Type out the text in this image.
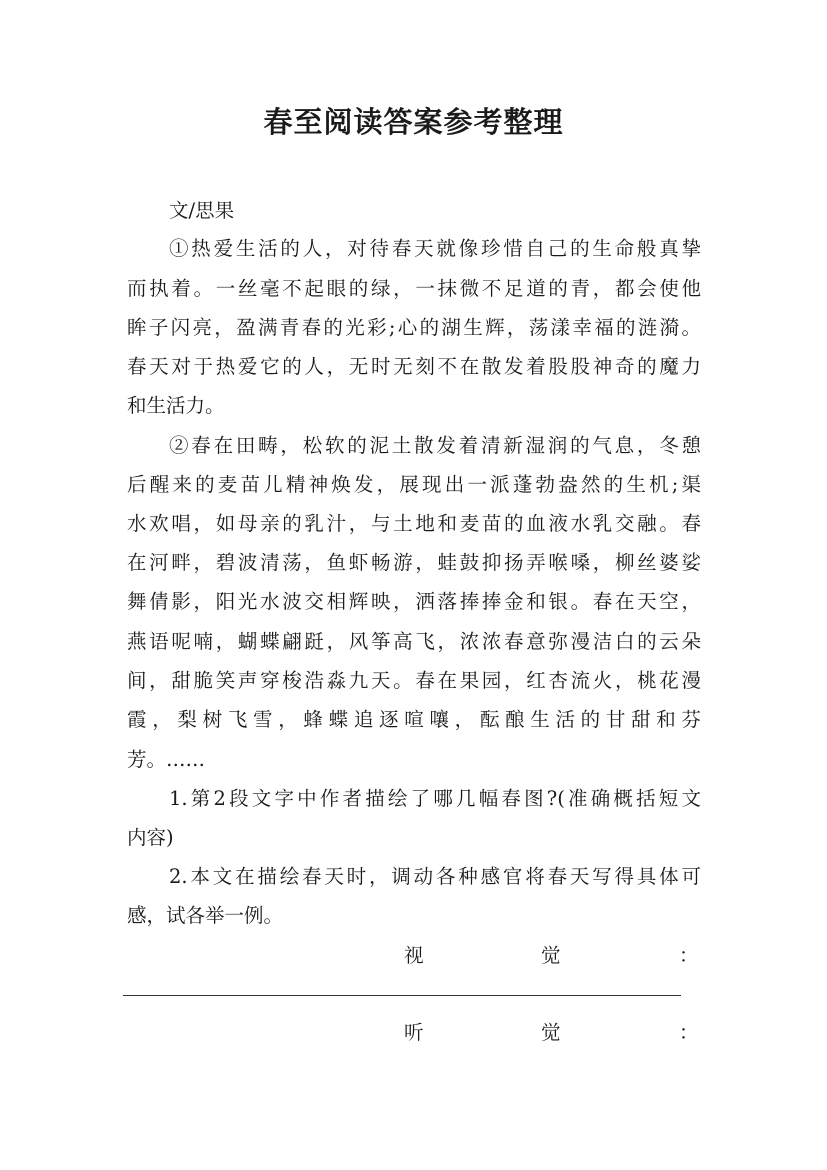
春至阅读答案参考整理
文/思果
①热爱生活的人，对待春天就像珍惜自己的生命般真挚
而执着。一丝毫不起眼的绿，一抹微不足道的青，都会使他
眸子闪亮，盈满青春的光彩;心的湖生辉，荡漾幸福的涟漪。
春天对于热爱它的人，无时无刻不在散发着股股神奇的魔力
和生活力。
②春在田畴，松软的泥土散发着清新湿润的气息，冬憩
后醒来的麦苗儿精神焕发，展现出一派蓬勃盎然的生机;渠
水欢唱，如母亲的乳汁，与土地和麦苗的血液水乳交融。春
在河畔，碧波清荡，鱼虾畅游，蛙鼓抑扬弄喉嗓，柳丝婆娑
舞倩影，阳光水波交相辉映，洒落捧捧金和银。春在天空，
燕语呢喃，蝴蝶翩跹，风筝高飞，浓浓春意弥漫洁白的云朵
间，甜脆笑声穿梭浩淼九天。春在果园，红杏流火，桃花漫
霞，梨树飞雪，蜂蝶追逐喧嚷，酝酿生活的甘甜和芬
芳。……
1.第2段文字中作者描绘了哪几幅春图?(准确概括短文
内容)
2.本文在描绘春天时，调动各种感官将春天写得具体可
感，试各举一例。
视	觉	：
听	觉	：
